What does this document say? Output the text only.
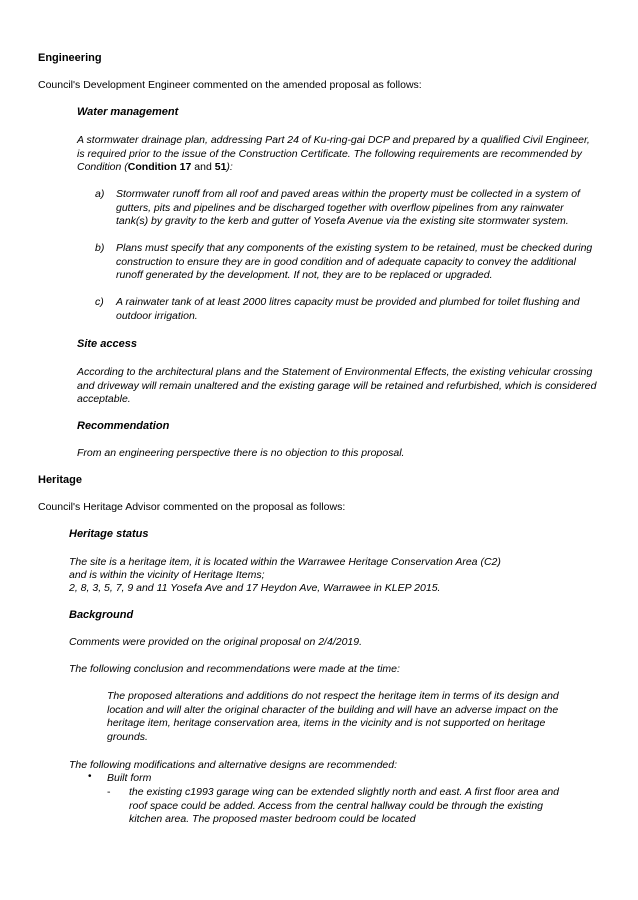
Engineering
Council's Development Engineer commented on the amended proposal as follows:
Water management
A stormwater drainage plan, addressing Part 24 of Ku-ring-gai DCP and prepared by a qualified Civil Engineer, is required prior to the issue of the Construction Certificate. The following requirements are recommended by Condition (Condition 17 and 51):
a) Stormwater runoff from all roof and paved areas within the property must be collected in a system of gutters, pits and pipelines and be discharged together with overflow pipelines from any rainwater tank(s) by gravity to the kerb and gutter of Yosefa Avenue via the existing site stormwater system.
b) Plans must specify that any components of the existing system to be retained, must be checked during construction to ensure they are in good condition and of adequate capacity to convey the additional runoff generated by the development. If not, they are to be replaced or upgraded.
c) A rainwater tank of at least 2000 litres capacity must be provided and plumbed for toilet flushing and outdoor irrigation.
Site access
According to the architectural plans and the Statement of Environmental Effects, the existing vehicular crossing and driveway will remain unaltered and the existing garage will be retained and refurbished, which is considered acceptable.
Recommendation
From an engineering perspective there is no objection to this proposal.
Heritage
Council's Heritage Advisor commented on the proposal as follows:
Heritage status
The site is a heritage item, it is located within the Warrawee Heritage Conservation Area (C2)
and is within the vicinity of Heritage Items;
2, 8, 3, 5, 7, 9 and 11 Yosefa Ave and 17 Heydon Ave, Warrawee in KLEP 2015.
Background
Comments were provided on the original proposal on 2/4/2019.
The following conclusion and recommendations were made at the time:
The proposed alterations and additions do not respect the heritage item in terms of its design and location and will alter the original character of the building and will have an adverse impact on the heritage item, heritage conservation area, items in the vicinity and is not supported on heritage grounds.
The following modifications and alternative designs are recommended:
• Built form
- the existing c1993 garage wing can be extended slightly north and east. A first floor area and roof space could be added. Access from the central hallway could be through the existing kitchen area. The proposed master bedroom could be located
